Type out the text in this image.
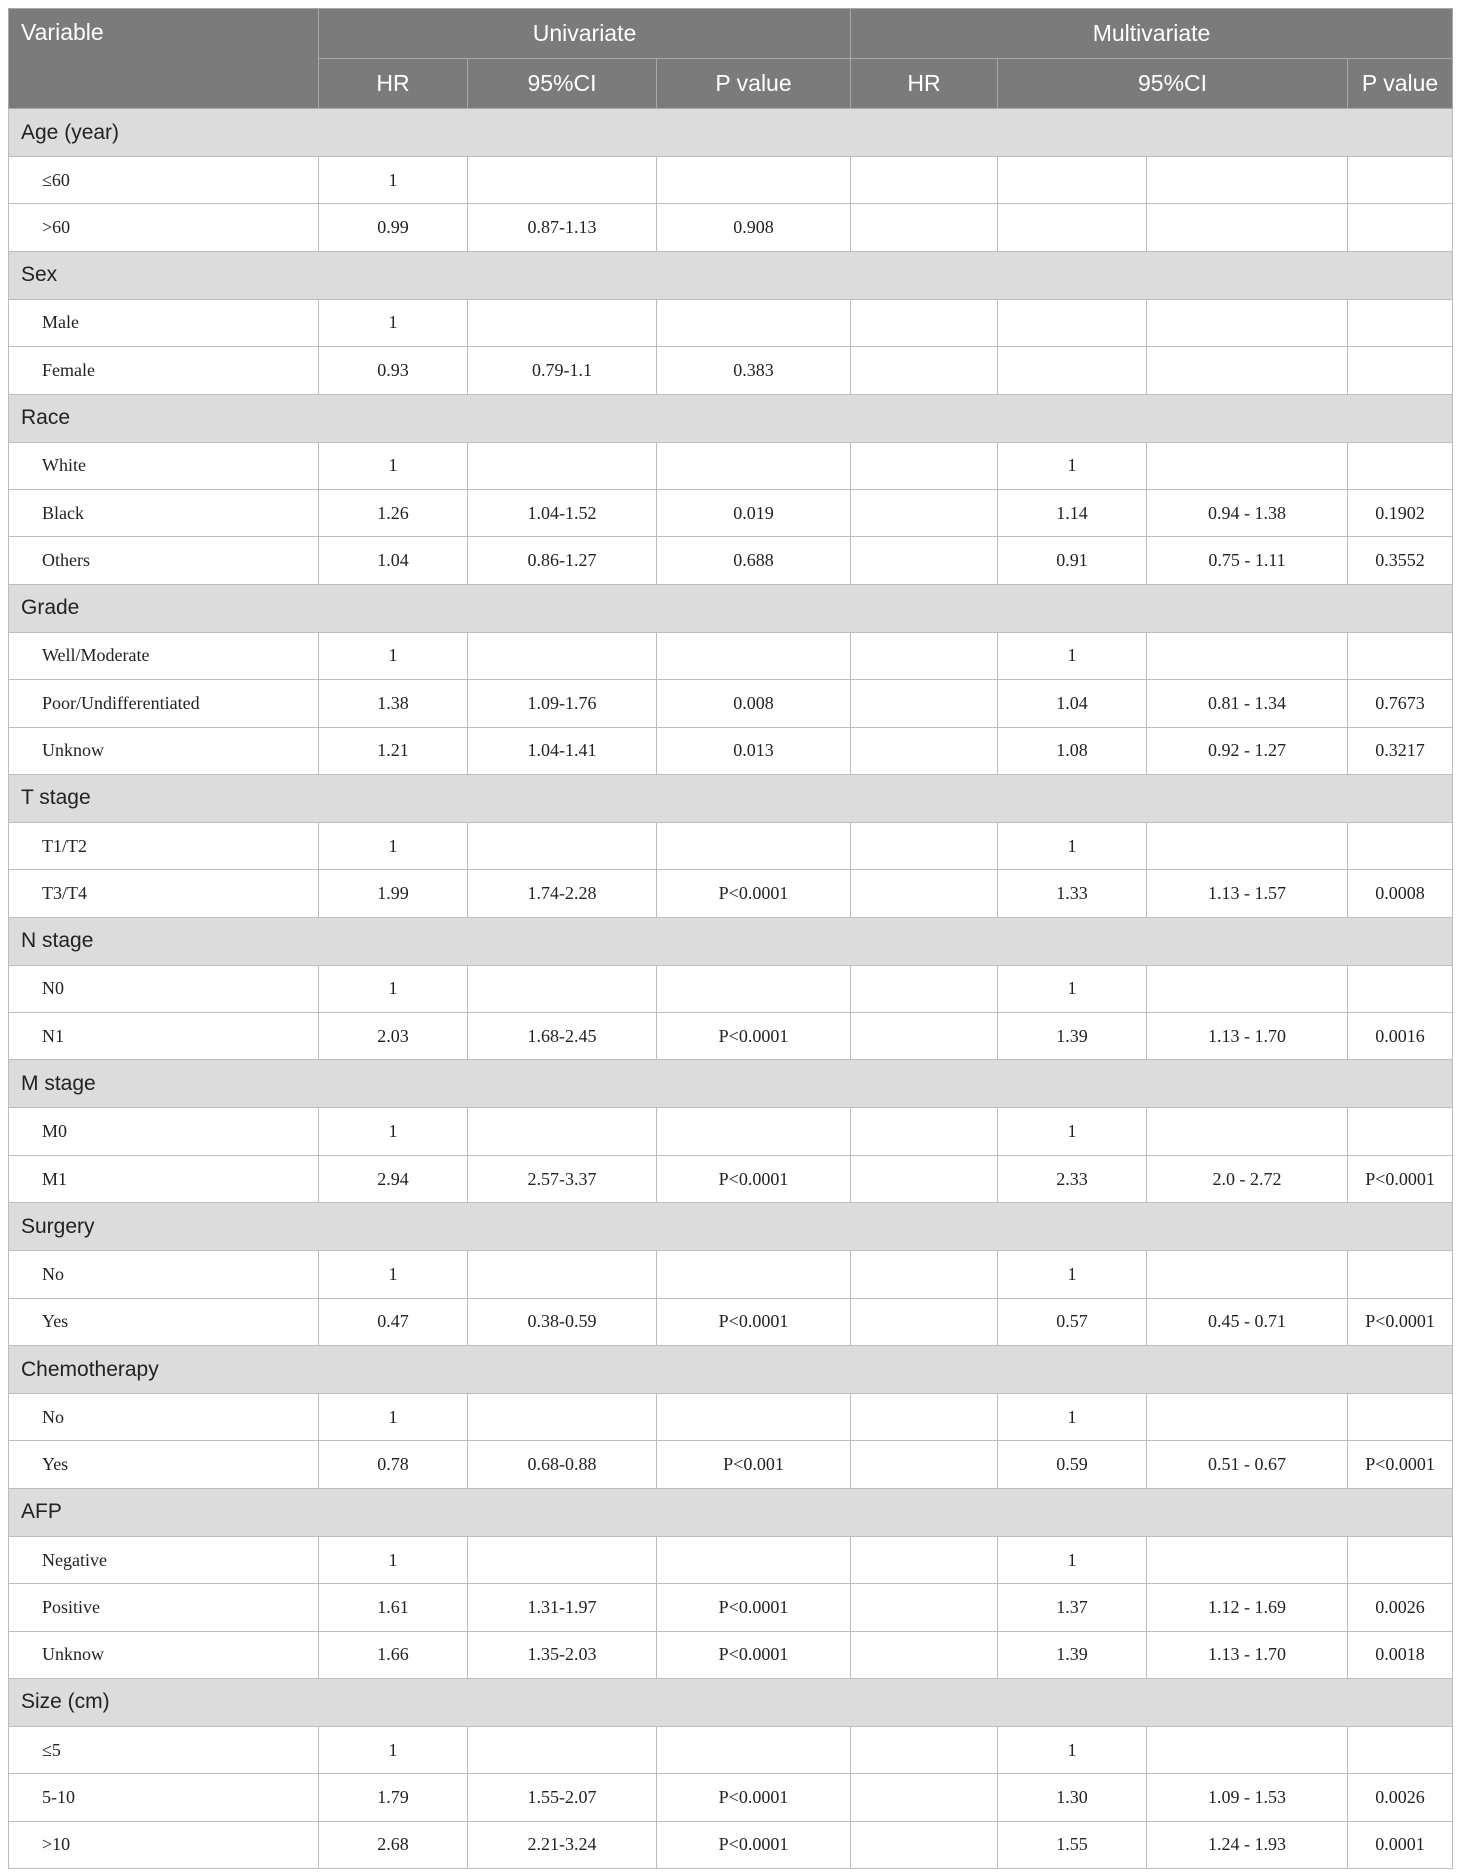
Variable	Univariate			Multivariate			
	HR	95%CI	P value	HR	95%CI		P value
Age (year)							
≤60	1						
>60	0.99	0.87-1.13	0.908				
Sex							
Male	1						
Female	0.93	0.79-1.1	0.383				
Race							
White	1				1		
Black	1.26	1.04-1.52	0.019		1.14	0.94 - 1.38	0.1902
Others	1.04	0.86-1.27	0.688		0.91	0.75 - 1.11	0.3552
Grade							
Well/Moderate	1				1		
Poor/Undifferentiated	1.38	1.09-1.76	0.008		1.04	0.81 - 1.34	0.7673
Unknow	1.21	1.04-1.41	0.013		1.08	0.92 - 1.27	0.3217
T stage							
T1/T2	1				1		
T3/T4	1.99	1.74-2.28	P<0.0001		1.33	1.13 - 1.57	0.0008
N stage							
N0	1				1		
N1	2.03	1.68-2.45	P<0.0001		1.39	1.13 - 1.70	0.0016
M stage							
M0	1				1		
M1	2.94	2.57-3.37	P<0.0001		2.33	2.0 - 2.72	P<0.0001
Surgery							
No	1				1		
Yes	0.47	0.38-0.59	P<0.0001		0.57	0.45 - 0.71	P<0.0001
Chemotherapy							
No	1				1		
Yes	0.78	0.68-0.88	P<0.001		0.59	0.51 - 0.67	P<0.0001
AFP							
Negative	1				1		
Positive	1.61	1.31-1.97	P<0.0001		1.37	1.12 - 1.69	0.0026
Unknow	1.66	1.35-2.03	P<0.0001		1.39	1.13 - 1.70	0.0018
Size (cm)							
≤5	1				1		
5-10	1.79	1.55-2.07	P<0.0001		1.30	1.09 - 1.53	0.0026
>10	2.68	2.21-3.24	P<0.0001		1.55	1.24 - 1.93	0.0001
